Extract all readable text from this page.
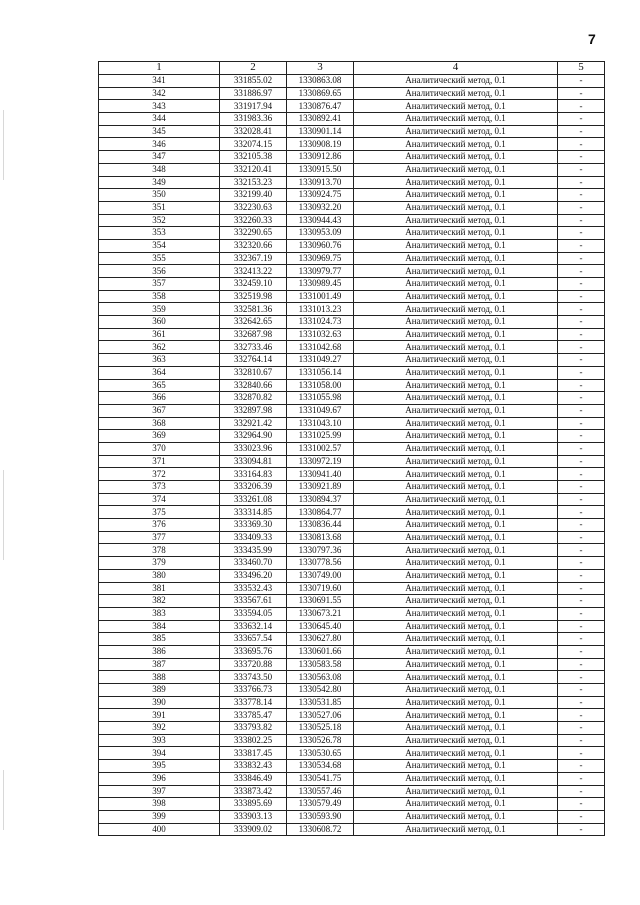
7
1	2	3	4	5
341	331855.02	1330863.08	Аналитический метод, 0.1	-
342	331886.97	1330869.65	Аналитический метод, 0.1	-
343	331917.94	1330876.47	Аналитический метод, 0.1	-
344	331983.36	1330892.41	Аналитический метод, 0.1	-
345	332028.41	1330901.14	Аналитический метод, 0.1	-
346	332074.15	1330908.19	Аналитический метод, 0.1	-
347	332105.38	1330912.86	Аналитический метод, 0.1	-
348	332120.41	1330915.50	Аналитический метод, 0.1	-
349	332153.23	1330913.70	Аналитический метод, 0.1	-
350	332199.40	1330924.75	Аналитический метод, 0.1	-
351	332230.63	1330932.20	Аналитический метод, 0.1	-
352	332260.33	1330944.43	Аналитический метод, 0.1	-
353	332290.65	1330953.09	Аналитический метод, 0.1	-
354	332320.66	1330960.76	Аналитический метод, 0.1	-
355	332367.19	1330969.75	Аналитический метод, 0.1	-
356	332413.22	1330979.77	Аналитический метод, 0.1	-
357	332459.10	1330989.45	Аналитический метод, 0.1	-
358	332519.98	1331001.49	Аналитический метод, 0.1	-
359	332581.36	1331013.23	Аналитический метод, 0.1	-
360	332642.65	1331024.73	Аналитический метод, 0.1	-
361	332687.98	1331032.63	Аналитический метод, 0.1	-
362	332733.46	1331042.68	Аналитический метод, 0.1	-
363	332764.14	1331049.27	Аналитический метод, 0.1	-
364	332810.67	1331056.14	Аналитический метод, 0.1	-
365	332840.66	1331058.00	Аналитический метод, 0.1	-
366	332870.82	1331055.98	Аналитический метод, 0.1	-
367	332897.98	1331049.67	Аналитический метод, 0.1	-
368	332921.42	1331043.10	Аналитический метод, 0.1	-
369	332964.90	1331025.99	Аналитический метод, 0.1	-
370	333023.96	1331002.57	Аналитический метод, 0.1	-
371	333094.81	1330972.19	Аналитический метод, 0.1	-
372	333164.83	1330941.40	Аналитический метод, 0.1	-
373	333206.39	1330921.89	Аналитический метод, 0.1	-
374	333261.08	1330894.37	Аналитический метод, 0.1	-
375	333314.85	1330864.77	Аналитический метод, 0.1	-
376	333369.30	1330836.44	Аналитический метод, 0.1	-
377	333409.33	1330813.68	Аналитический метод, 0.1	-
378	333435.99	1330797.36	Аналитический метод, 0.1	-
379	333460.70	1330778.56	Аналитический метод, 0.1	-
380	333496.20	1330749.00	Аналитический метод, 0.1	-
381	333532.43	1330719.60	Аналитический метод, 0.1	-
382	333567.61	1330691.55	Аналитический метод, 0.1	-
383	333594.05	1330673.21	Аналитический метод, 0.1	-
384	333632.14	1330645.40	Аналитический метод, 0.1	-
385	333657.54	1330627.80	Аналитический метод, 0.1	-
386	333695.76	1330601.66	Аналитический метод, 0.1	-
387	333720.88	1330583.58	Аналитический метод, 0.1	-
388	333743.50	1330563.08	Аналитический метод, 0.1	-
389	333766.73	1330542.80	Аналитический метод, 0.1	-
390	333778.14	1330531.85	Аналитический метод, 0.1	-
391	333785.47	1330527.06	Аналитический метод, 0.1	-
392	333793.82	1330525.18	Аналитический метод, 0.1	-
393	333802.25	1330526.78	Аналитический метод, 0.1	-
394	333817.45	1330530.65	Аналитический метод, 0.1	-
395	333832.43	1330534.68	Аналитический метод, 0.1	-
396	333846.49	1330541.75	Аналитический метод, 0.1	-
397	333873.42	1330557.46	Аналитический метод, 0.1	-
398	333895.69	1330579.49	Аналитический метод, 0.1	-
399	333903.13	1330593.90	Аналитический метод, 0.1	-
400	333909.02	1330608.72	Аналитический метод, 0.1	-
